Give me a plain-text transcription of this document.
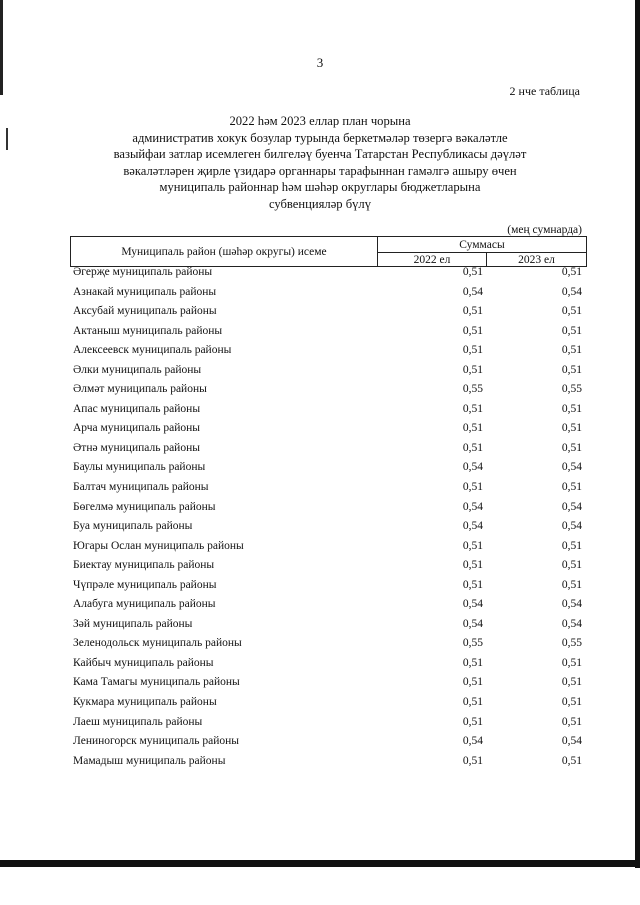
3
2 нче таблица
2022 һәм 2023 еллар план чорына
административ хокук бозулар турында беркетмәләр төзергә вәкаләтле
вазыйфаи затлар исемлеген билгеләү буенча Татарстан Республикасы дәүләт
вәкаләтләрен җирле үзидарә органнары тарафыннан гамәлгә ашыру өчен
муниципаль районнар һәм шәһәр округлары бюджетларына
субвенцияләр бүлү
(мең сумнарда)
Муниципаль район (шәһәр округы) исеме
Суммасы
2022 ел	2023 ел
Әгерҗе муниципаль районы	0,51	0,51
Азнакай муниципаль районы	0,54	0,54
Аксубай муниципаль районы	0,51	0,51
Актаныш муниципаль районы	0,51	0,51
Алексеевск муниципаль районы	0,51	0,51
Әлки муниципаль районы	0,51	0,51
Әлмәт муниципаль районы	0,55	0,55
Апас муниципаль районы	0,51	0,51
Арча муниципаль районы	0,51	0,51
Әтнә муниципаль районы	0,51	0,51
Баулы муниципаль районы	0,54	0,54
Балтач муниципаль районы	0,51	0,51
Бөгелмә муниципаль районы	0,54	0,54
Буа муниципаль районы	0,54	0,54
Югары Ослан муниципаль районы	0,51	0,51
Биектау муниципаль районы	0,51	0,51
Чүпрәле муниципаль районы	0,51	0,51
Алабуга муниципаль районы	0,54	0,54
Зәй муниципаль районы	0,54	0,54
Зеленодольск муниципаль районы	0,55	0,55
Кайбыч муниципаль районы	0,51	0,51
Кама Тамагы муниципаль районы	0,51	0,51
Кукмара муниципаль районы	0,51	0,51
Лаеш муниципаль районы	0,51	0,51
Лениногорск муниципаль районы	0,54	0,54
Мамадыш муниципаль районы	0,51	0,51
